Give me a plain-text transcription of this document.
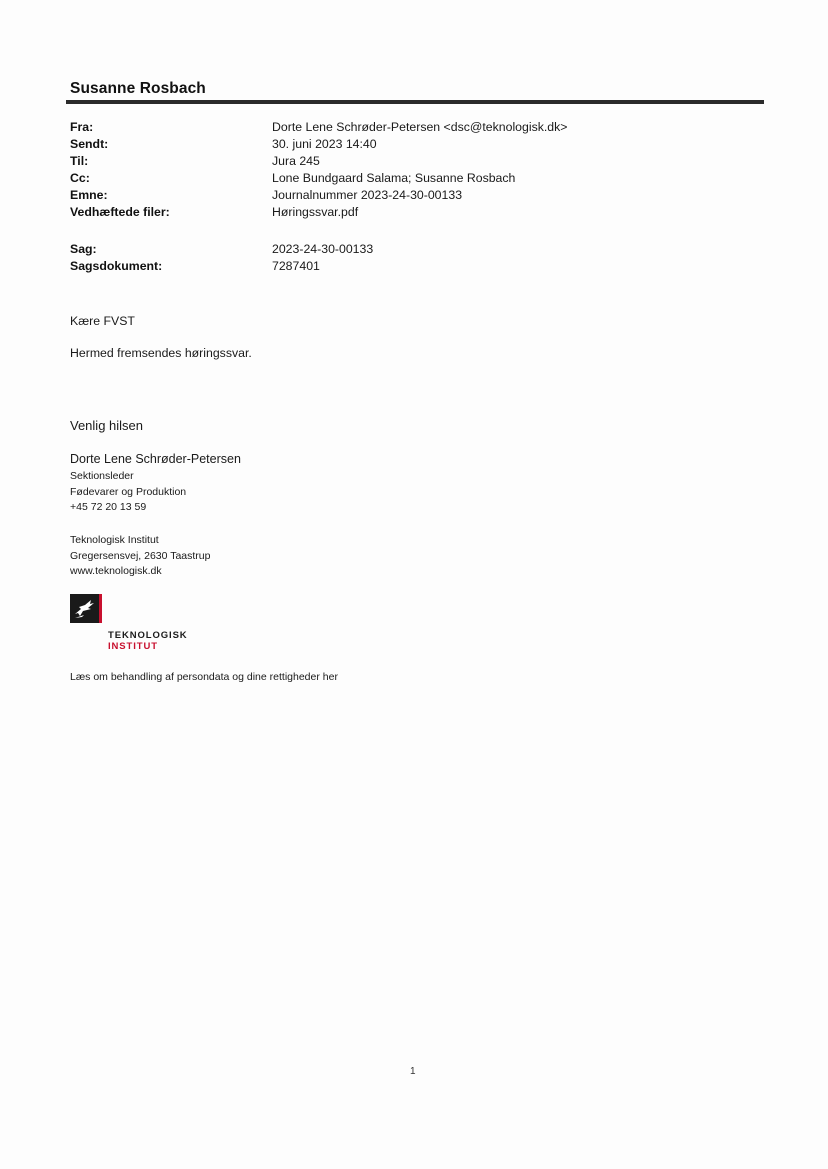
Susanne Rosbach
Fra:	Dorte Lene Schrøder-Petersen <dsc@teknologisk.dk>
Sendt:	30. juni 2023 14:40
Til:	Jura 245
Cc:	Lone Bundgaard Salama; Susanne Rosbach
Emne:	Journalnummer 2023-24-30-00133
Vedhæftede filer:	Høringssvar.pdf
Sag:	2023-24-30-00133
Sagsdokument:	7287401
Kære FVST
Hermed fremsendes høringssvar.
Venlig hilsen
Dorte Lene Schrøder-Petersen
Sektionsleder
Fødevarer og Produktion
+45 72 20 13 59
Teknologisk Institut
Gregersensvej, 2630 Taastrup
www.teknologisk.dk
TEKNOLOGISK
INSTITUT
Læs om behandling af persondata og dine rettigheder her
1
